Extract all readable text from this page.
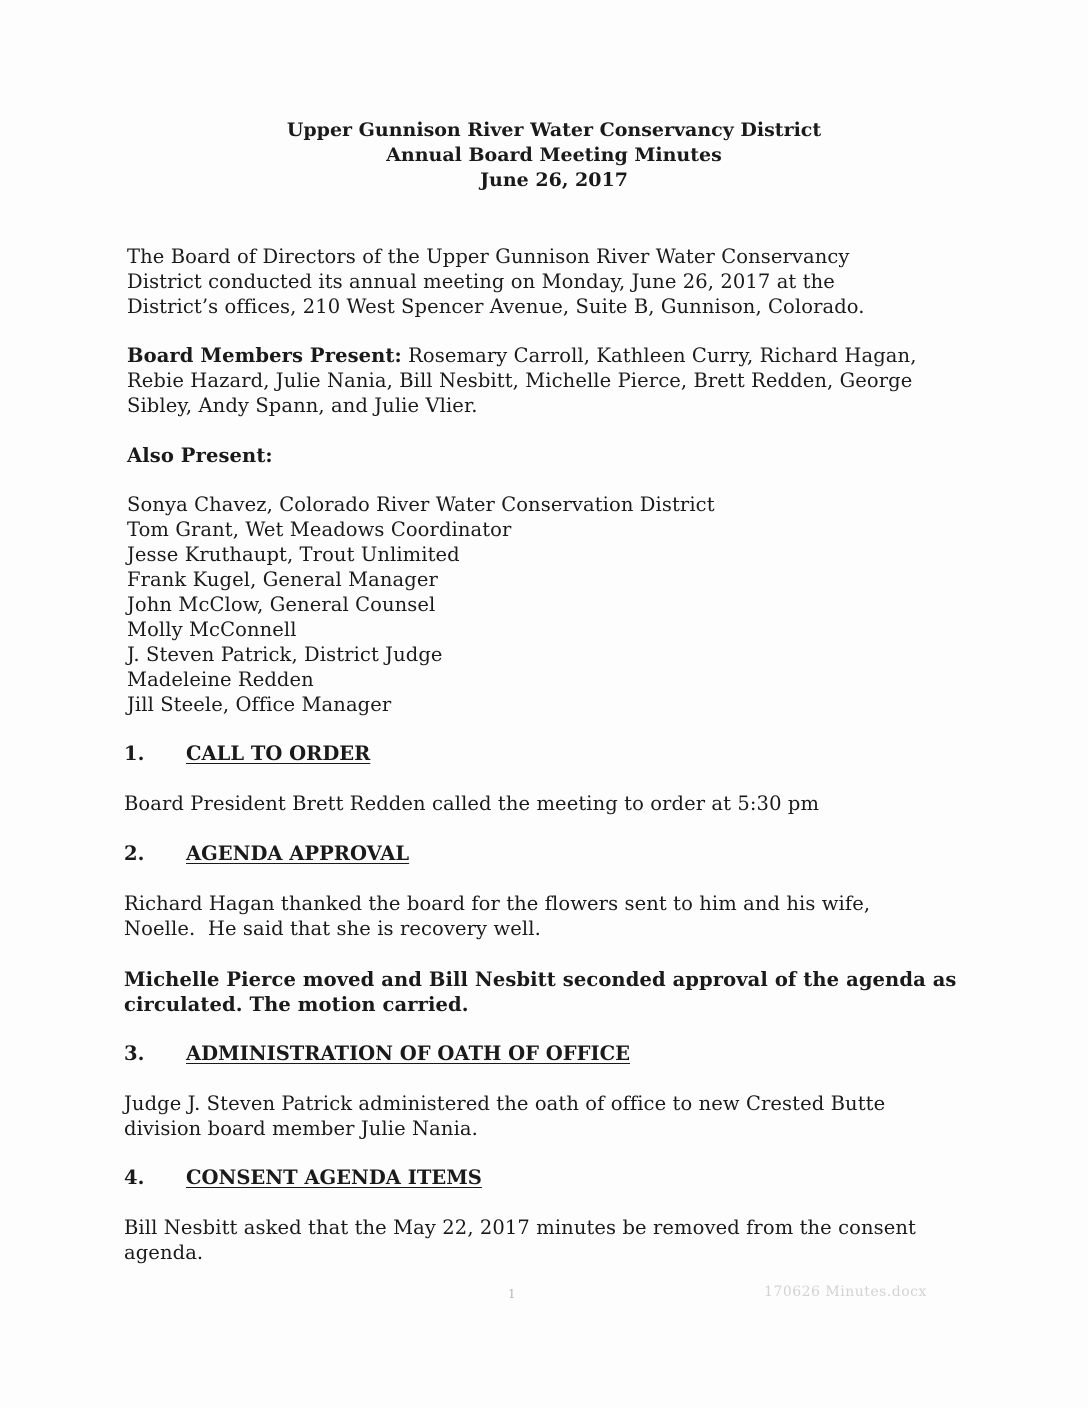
Upper Gunnison River Water Conservancy District
Annual Board Meeting Minutes
June 26, 2017
The Board of Directors of the Upper Gunnison River Water Conservancy
District conducted its annual meeting on Monday, June 26, 2017 at the
District’s offices, 210 West Spencer Avenue, Suite B, Gunnison, Colorado.
Board Members Present: Rosemary Carroll, Kathleen Curry, Richard Hagan,
Rebie Hazard, Julie Nania, Bill Nesbitt, Michelle Pierce, Brett Redden, George
Sibley, Andy Spann, and Julie Vlier.
Also Present:
Sonya Chavez, Colorado River Water Conservation District
Tom Grant, Wet Meadows Coordinator
Jesse Kruthaupt, Trout Unlimited
Frank Kugel, General Manager
John McClow, General Counsel
Molly McConnell
J. Steven Patrick, District Judge
Madeleine Redden
Jill Steele, Office Manager
1. CALL TO ORDER
Board President Brett Redden called the meeting to order at 5:30 pm
2. AGENDA APPROVAL
Richard Hagan thanked the board for the flowers sent to him and his wife,
Noelle.  He said that she is recovery well.
Michelle Pierce moved and Bill Nesbitt seconded approval of the agenda as
circulated. The motion carried.
3. ADMINISTRATION OF OATH OF OFFICE
Judge J. Steven Patrick administered the oath of office to new Crested Butte
division board member Julie Nania.
4. CONSENT AGENDA ITEMS
Bill Nesbitt asked that the May 22, 2017 minutes be removed from the consent
agenda.
1	170626 Minutes.docx
